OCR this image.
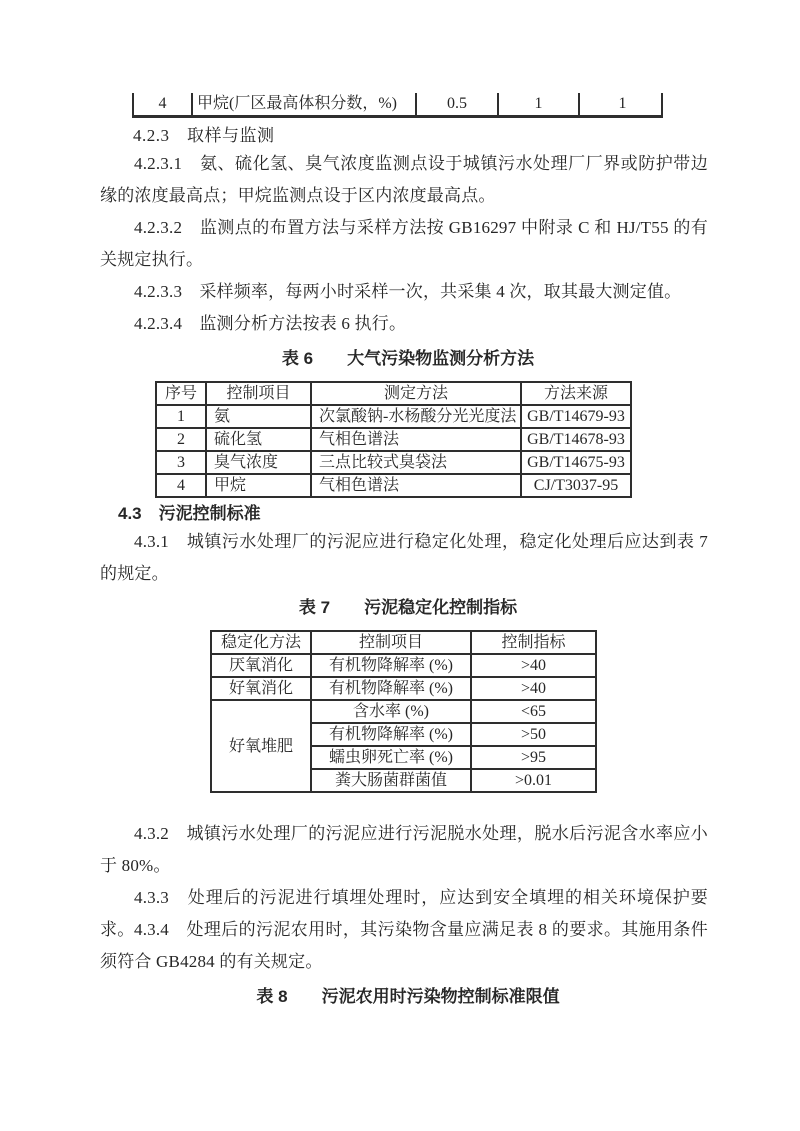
4	甲烷(厂区最高体积分数，%)	0.5	1	1
4.2.3　取样与监测

4.2.3.1　氨、硫化氢、臭气浓度监测点设于城镇污水处理厂厂界或防护带边缘的浓度最高点；甲烷监测点设于区内浓度最高点。

4.2.3.2　监测点的布置方法与采样方法按 GB16297 中附录 C 和 HJ/T55 的有关规定执行。

4.2.3.3　采样频率，每两小时采样一次，共采集 4 次，取其最大测定值。

4.2.3.4　监测分析方法按表 6 执行。

表 6 大气污染物监测分析方法
序号	控制项目	测定方法	方法来源
1	氨	次氯酸钠-水杨酸分光光度法	GB/T14679-93
2	硫化氢	气相色谱法	GB/T14678-93
3	臭气浓度	三点比较式臭袋法	GB/T14675-93
4	甲烷	气相色谱法	CJ/T3037-95
4.3　污泥控制标准

4.3.1　城镇污水处理厂的污泥应进行稳定化处理，稳定化处理后应达到表 7 的规定。

表 7 污泥稳定化控制指标
稳定化方法	控制项目	控制指标
厌氧消化	有机物降解率 (%)	>40
好氧消化	有机物降解率 (%)	>40
好氧堆肥	含水率 (%)	<65
	有机物降解率 (%)	>50
	蠕虫卵死亡率 (%)	>95
	粪大肠菌群菌值	>0.01

4.3.2　城镇污水处理厂的污泥应进行污泥脱水处理，脱水后污泥含水率应小于 80%。

4.3.3　处理后的污泥进行填埋处理时，应达到安全填埋的相关环境保护要求。 4.3.4　处理后的污泥农用时，其污染物含量应满足表 8 的要求。其施用条件须符合 GB4284 的有关规定。

表 8 污泥农用时污染物控制标准限值
